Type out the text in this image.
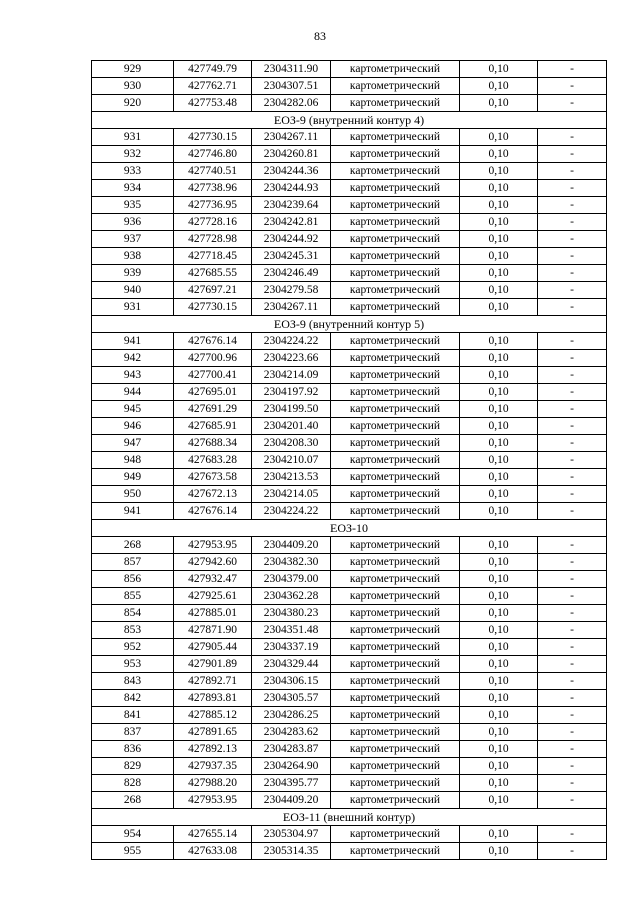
83
929	427749.79	2304311.90	картометрический	0,10	-
930	427762.71	2304307.51	картометрический	0,10	-
920	427753.48	2304282.06	картометрический	0,10	-
ЕОЗ-9 (внутренний контур 4)					
931	427730.15	2304267.11	картометрический	0,10	-
932	427746.80	2304260.81	картометрический	0,10	-
933	427740.51	2304244.36	картометрический	0,10	-
934	427738.96	2304244.93	картометрический	0,10	-
935	427736.95	2304239.64	картометрический	0,10	-
936	427728.16	2304242.81	картометрический	0,10	-
937	427728.98	2304244.92	картометрический	0,10	-
938	427718.45	2304245.31	картометрический	0,10	-
939	427685.55	2304246.49	картометрический	0,10	-
940	427697.21	2304279.58	картометрический	0,10	-
931	427730.15	2304267.11	картометрический	0,10	-
ЕОЗ-9 (внутренний контур 5)					
941	427676.14	2304224.22	картометрический	0,10	-
942	427700.96	2304223.66	картометрический	0,10	-
943	427700.41	2304214.09	картометрический	0,10	-
944	427695.01	2304197.92	картометрический	0,10	-
945	427691.29	2304199.50	картометрический	0,10	-
946	427685.91	2304201.40	картометрический	0,10	-
947	427688.34	2304208.30	картометрический	0,10	-
948	427683.28	2304210.07	картометрический	0,10	-
949	427673.58	2304213.53	картометрический	0,10	-
950	427672.13	2304214.05	картометрический	0,10	-
941	427676.14	2304224.22	картометрический	0,10	-
ЕОЗ-10					
268	427953.95	2304409.20	картометрический	0,10	-
857	427942.60	2304382.30	картометрический	0,10	-
856	427932.47	2304379.00	картометрический	0,10	-
855	427925.61	2304362.28	картометрический	0,10	-
854	427885.01	2304380.23	картометрический	0,10	-
853	427871.90	2304351.48	картометрический	0,10	-
952	427905.44	2304337.19	картометрический	0,10	-
953	427901.89	2304329.44	картометрический	0,10	-
843	427892.71	2304306.15	картометрический	0,10	-
842	427893.81	2304305.57	картометрический	0,10	-
841	427885.12	2304286.25	картометрический	0,10	-
837	427891.65	2304283.62	картометрический	0,10	-
836	427892.13	2304283.87	картометрический	0,10	-
829	427937.35	2304264.90	картометрический	0,10	-
828	427988.20	2304395.77	картометрический	0,10	-
268	427953.95	2304409.20	картометрический	0,10	-
ЕОЗ-11 (внешний контур)					
954	427655.14	2305304.97	картометрический	0,10	-
955	427633.08	2305314.35	картометрический	0,10	-
